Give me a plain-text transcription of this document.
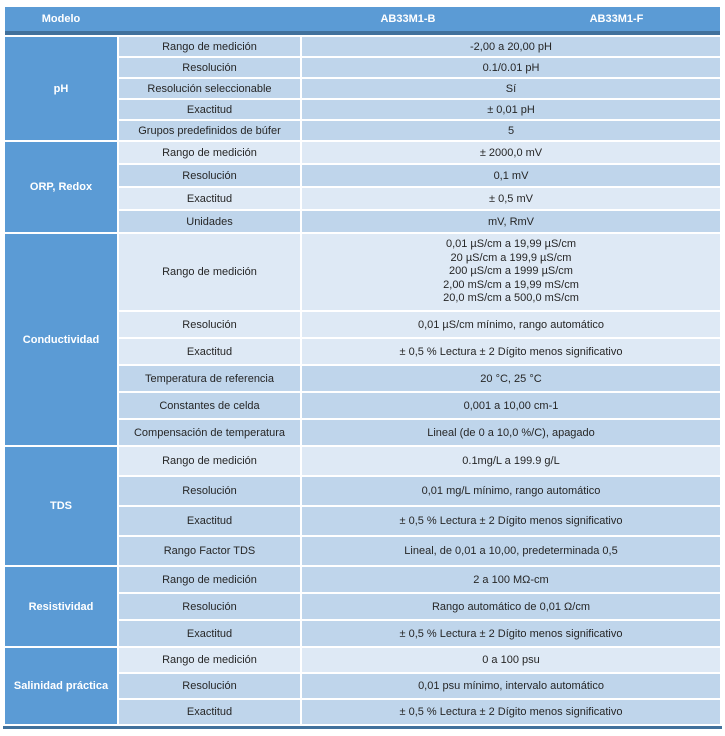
Modelo AB33M1-B AB33M1-F		

pH	Rango de medición	-2,00 a 20,00 pH
	Resolución	0.1/0.01 pH
	Resolución seleccionable	Sí
	Exactitud	± 0,01 pH
	Grupos predefinidos de búfer	5
ORP, Redox	Rango de medición	± 2000,0 mV
	Resolución	0,1 mV
	Exactitud	± 0,5 mV
	Unidades	mV, RmV
Conductividad	Rango de medición	0,01 µS/cm a 19,99 µS/cm
20 µS/cm a 199,9 µS/cm
200 µS/cm a 1999 µS/cm
2,00 mS/cm a 19,99 mS/cm
20,0 mS/cm a 500,0 mS/cm

	Resolución	0,01 µS/cm mínimo, rango automático
	Exactitud	± 0,5 % Lectura ± 2 Dígito menos significativo
	Temperatura de referencia	20 °C, 25 °C
	Constantes de celda	0,001 a 10,00 cm-1
	Compensación de temperatura	Lineal (de 0 a 10,0 %/C), apagado
TDS	Rango de medición	0.1mg/L a 199.9 g/L
	Resolución	0,01 mg/L mínimo, rango automático
	Exactitud	± 0,5 % Lectura ± 2 Dígito menos significativo
	Rango Factor TDS	Lineal, de 0,01 a 10,00, predeterminada 0,5
Resistividad	Rango de medición	2 a 100 MΩ-cm
	Resolución	Rango automático de 0,01 Ω/cm
	Exactitud	± 0,5 % Lectura ± 2 Dígito menos significativo
Salinidad práctica	Rango de medición	0 a 100 psu
	Resolución	0,01 psu mínimo, intervalo automático
	Exactitud	± 0,5 % Lectura ± 2 Dígito menos significativo
